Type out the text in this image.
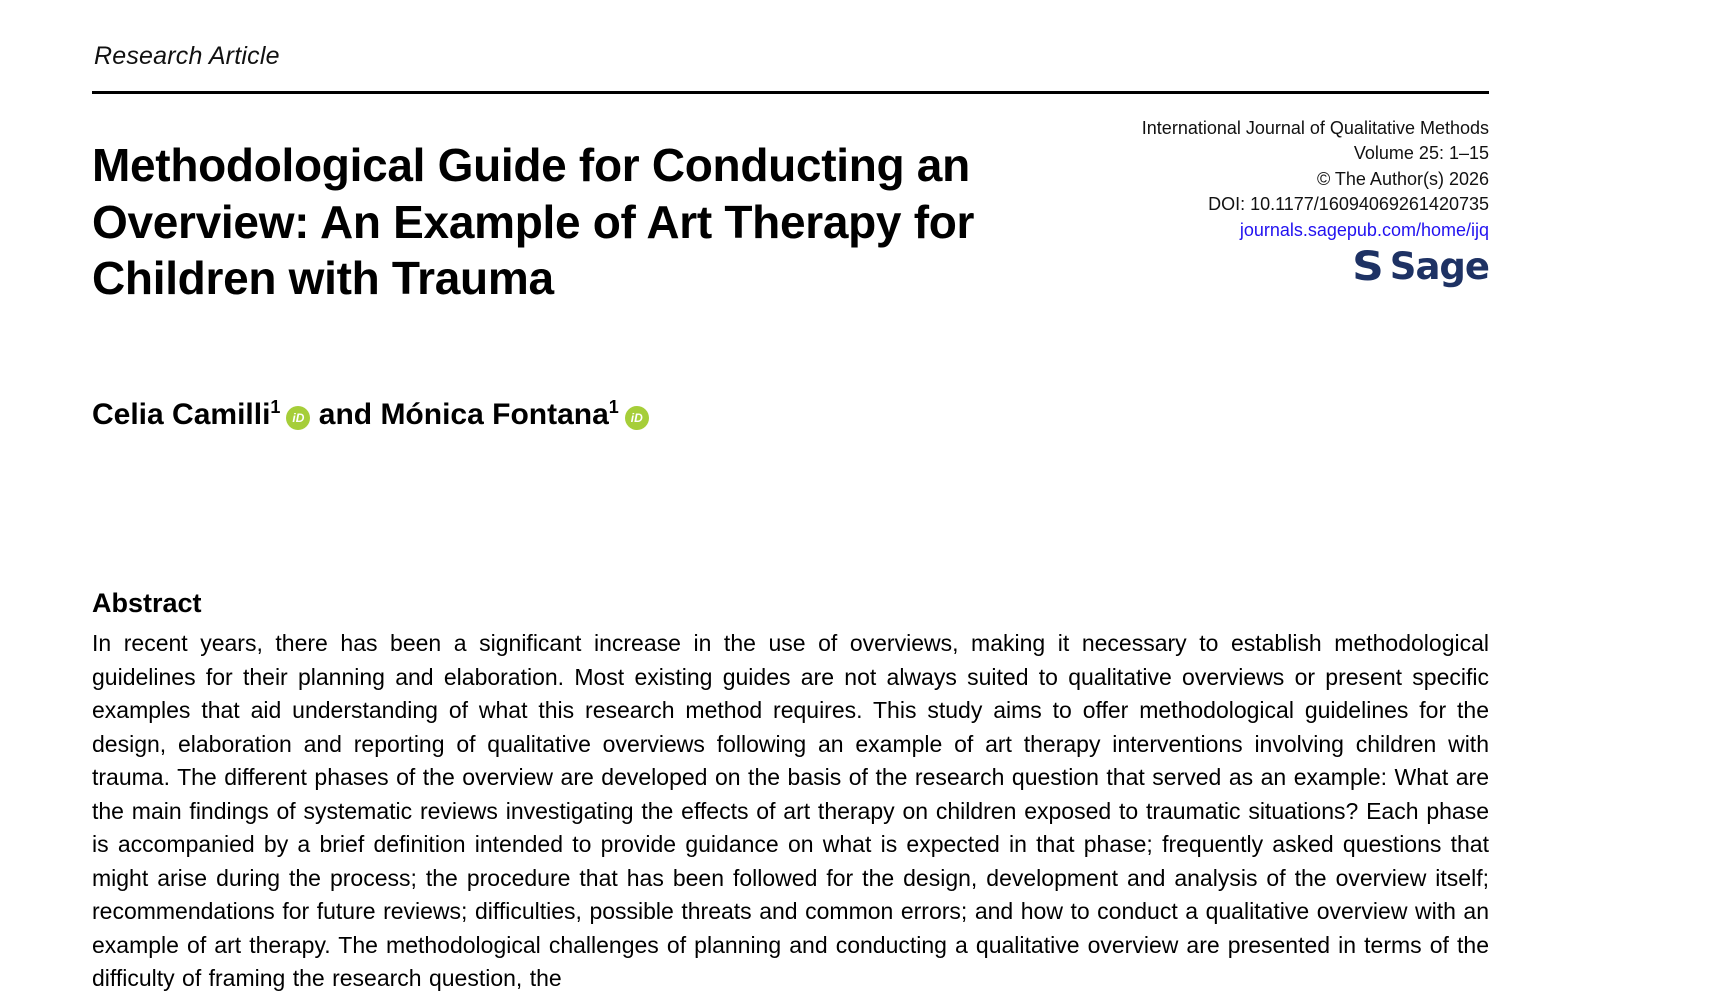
Research Article
Methodological Guide for Conducting an
Overview: An Example of Art Therapy for
Children with Trauma
International Journal of Qualitative Methods
Volume 25: 1–15
© The Author(s) 2026
DOI: 10.1177/16094069261420735
journals.sagepub.com/home/ijq
S Sage
Celia Camilli$^1$iD and Mónica Fontana$^1$iD
Abstract
In recent years, there has been a significant increase in the use of overviews, making it necessary to establish methodological guidelines for their planning and elaboration. Most existing guides are not always suited to qualitative overviews or present specific examples that aid understanding of what this research method requires. This study aims to offer methodological guidelines for the design, elaboration and reporting of qualitative overviews following an example of art therapy interventions involving children with trauma. The different phases of the overview are developed on the basis of the research question that served as an example: What are the main findings of systematic reviews investigating the effects of art therapy on children exposed to traumatic situations? Each phase is accompanied by a brief definition intended to provide guidance on what is expected in that phase; frequently asked questions that might arise during the process; the procedure that has been followed for the design, development and analysis of the overview itself; recommendations for future reviews; difficulties, possible threats and common errors; and how to conduct a qualitative overview with an example of art therapy. The methodological challenges of planning and conducting a qualitative overview are presented in terms of the difficulty of framing the research question, the
